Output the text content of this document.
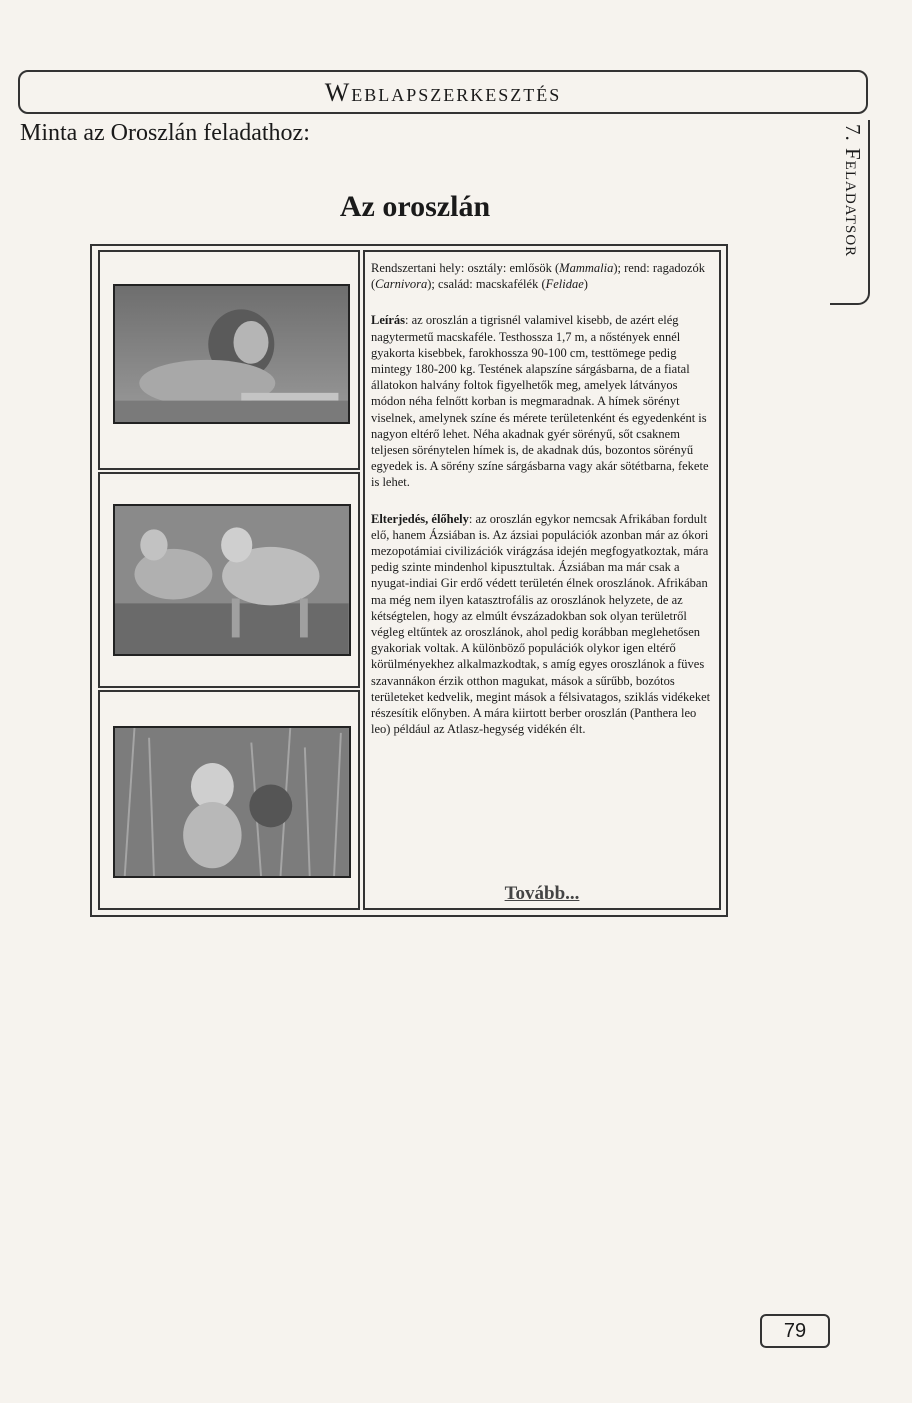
Weblapszerkesztés
Minta az Oroszlán feladathoz:	7. Feladatsor
Az oroszlán

Rendszertani hely: osztály: emlősök (Mammalia); rend: ragadozók (Carnivora); család: macskafélék (Felidae)

Leírás: az oroszlán a tigrisnél valamivel kisebb, de azért elég nagytermetű macskaféle. Testhossza 1,7 m, a nőstények ennél gyakorta kisebbek, farokhossza 90-100 cm, testtömege pedig mintegy 180-200 kg. Testének alapszíne sárgásbarna, de a fiatal állatokon halvány foltok figyelhetők meg, amelyek látványos módon néha felnőtt korban is megmaradnak. A hímek sörényt viselnek, amelynek színe és mérete területenként és egyedenként is nagyon eltérő lehet. Néha akadnak gyér sörényű, sőt csaknem teljesen sörénytelen hímek is, de akadnak dús, bozontos sörényű egyedek is. A sörény színe sárgásbarna vagy akár sötétbarna, fekete is lehet.

Elterjedés, élőhely: az oroszlán egykor nemcsak Afrikában fordult elő, hanem Ázsiában is. Az ázsiai populációk azonban már az ókori mezopotámiai civilizációk virágzása idején megfogyatkoztak, mára pedig szinte mindenhol kipusztultak. Ázsiában ma már csak a nyugat-indiai Gir erdő védett területén élnek oroszlánok. Afrikában ma még nem ilyen katasztrofális az oroszlánok helyzete, de az kétségtelen, hogy az elmúlt évszázadokban sok olyan területről végleg eltűntek az oroszlánok, ahol pedig korábban meglehetősen gyakoriak voltak. A különböző populációk olykor igen eltérő körülményekhez alkalmazkodtak, s amíg egyes oroszlánok a füves szavannákon érzik otthon magukat, mások a sűrűbb, bozótos területeket kedvelik, megint mások a félsivatagos, sziklás vidékeket részesítik előnyben. A mára kiirtott berber oroszlán (Panthera leo leo) például az Atlasz-hegység vidékén élt.

Tovább...
79
